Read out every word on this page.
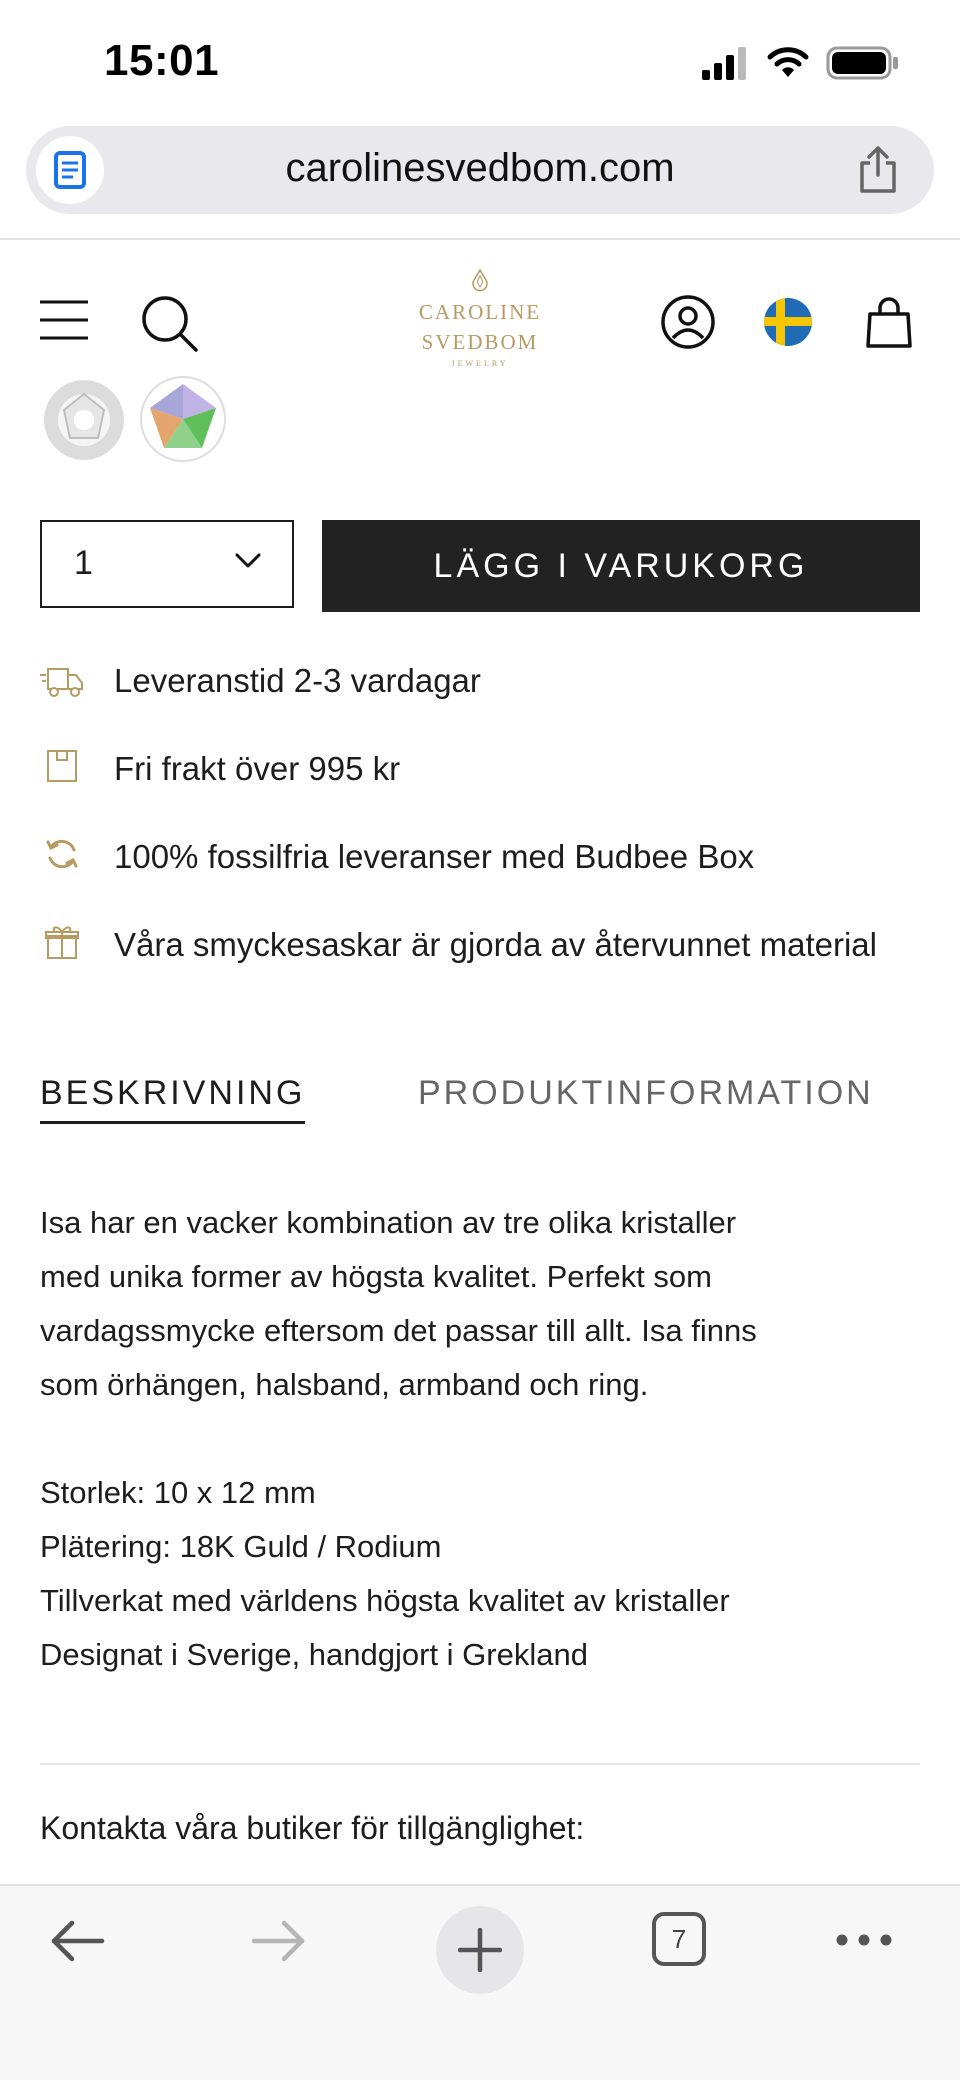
15:01
carolinesvedbom.com
CAROLINE
SVEDBOM
JEWELRY
1	LÄGG I VARUKORG
Leveranstid 2-3 vardagar
Fri frakt över 995 kr
100% fossilfria leveranser med Budbee Box
Våra smyckesaskar är gjorda av återvunnet material
BESKRIVNING	PRODUKTINFORMATION
Isa har en vacker kombination av tre olika kristaller
med unika former av högsta kvalitet. Perfekt som
vardagssmycke eftersom det passar till allt. Isa finns
som örhängen, halsband, armband och ring.
Storlek: 10 x 12 mm
Plätering: 18K Guld / Rodium
Tillverkat med världens högsta kvalitet av kristaller
Designat i Sverige, handgjort i Grekland
Kontakta våra butiker för tillgänglighet:
7
